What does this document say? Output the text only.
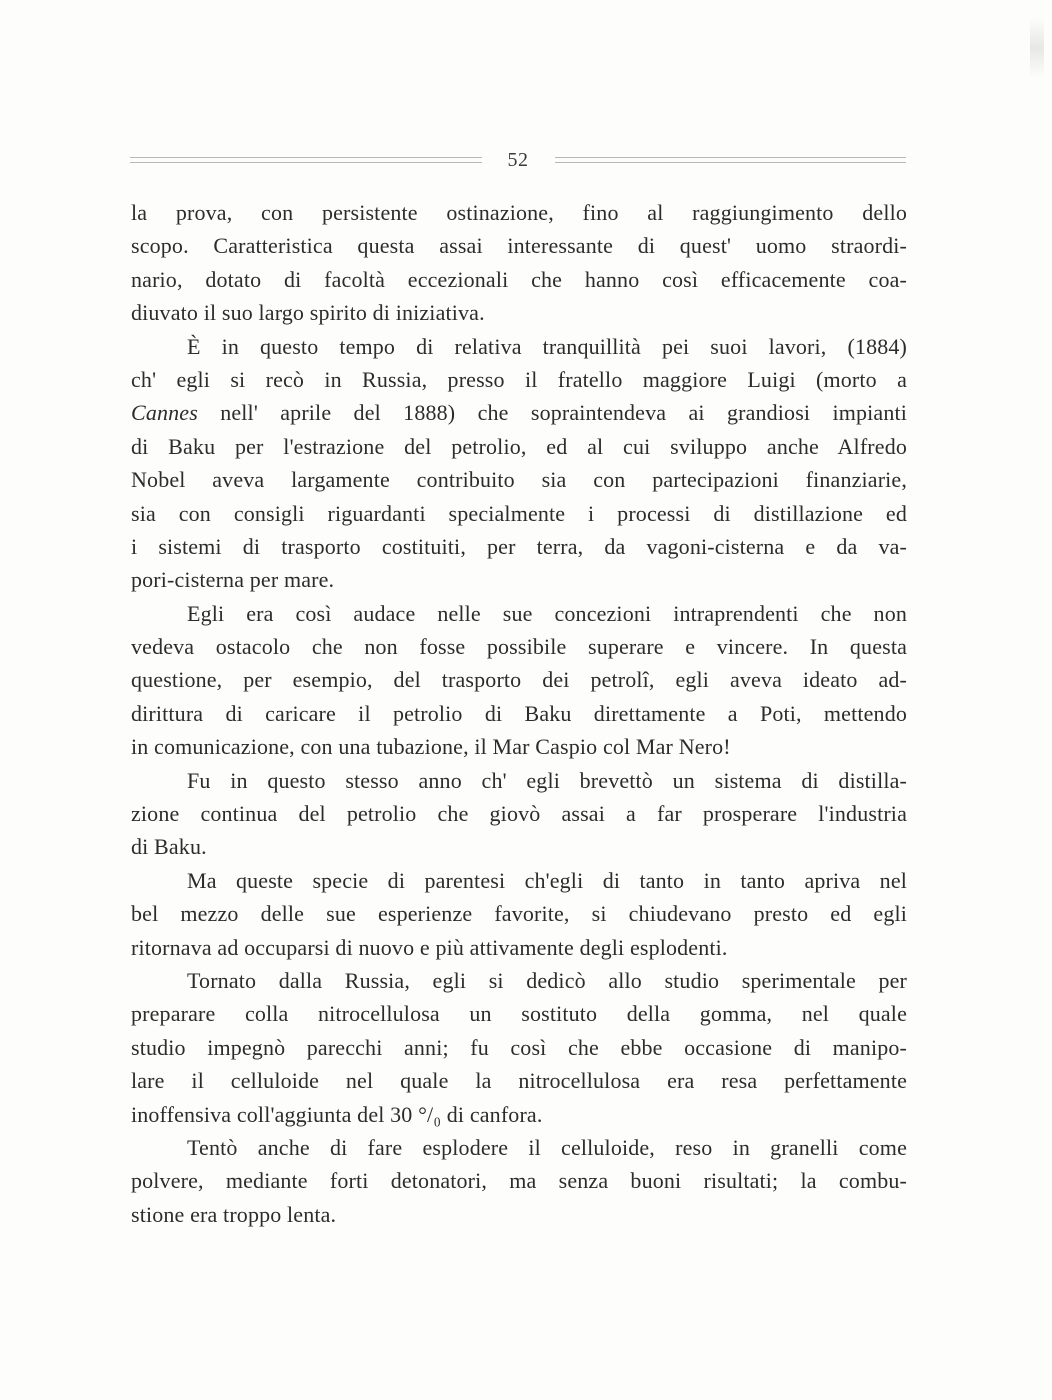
52
la prova, con persistente ostinazione, fino al raggiungimento dello
scopo. Caratteristica questa assai interessante di quest' uomo straordi-
nario, dotato di facoltà eccezionali che hanno così efficacemente coa-
diuvato il suo largo spirito di iniziativa.
È in questo tempo di relativa tranquillità pei suoi lavori, (1884)
ch' egli si recò in Russia, presso il fratello maggiore Luigi (morto a
Cannes nell' aprile del 1888) che sopraintendeva ai grandiosi impianti
di Baku per l'estrazione del petrolio, ed al cui sviluppo anche Alfredo
Nobel aveva largamente contribuito sia con partecipazioni finanziarie,
sia con consigli riguardanti specialmente i processi di distillazione ed
i sistemi di trasporto costituiti, per terra, da vagoni-cisterna e da va-
pori-cisterna per mare.
Egli era così audace nelle sue concezioni intraprendenti che non
vedeva ostacolo che non fosse possibile superare e vincere. In questa
questione, per esempio, del trasporto dei petrolî, egli aveva ideato ad-
dirittura di caricare il petrolio di Baku direttamente a Poti, mettendo
in comunicazione, con una tubazione, il Mar Caspio col Mar Nero!
Fu in questo stesso anno ch' egli brevettò un sistema di distilla-
zione continua del petrolio che giovò assai a far prosperare l'industria
di Baku.
Ma queste specie di parentesi ch'egli di tanto in tanto apriva nel
bel mezzo delle sue esperienze favorite, si chiudevano presto ed egli
ritornava ad occuparsi di nuovo e più attivamente degli esplodenti.
Tornato dalla Russia, egli si dedicò allo studio sperimentale per
preparare colla nitrocellulosa un sostituto della gomma, nel quale
studio impegnò parecchi anni; fu così che ebbe occasione di manipo-
lare il celluloide nel quale la nitrocellulosa era resa perfettamente
inoffensiva coll'aggiunta del 30 °/₀ di canfora.
Tentò anche di fare esplodere il celluloide, reso in granelli come
polvere, mediante forti detonatori, ma senza buoni risultati; la combu-
stione era troppo lenta.
